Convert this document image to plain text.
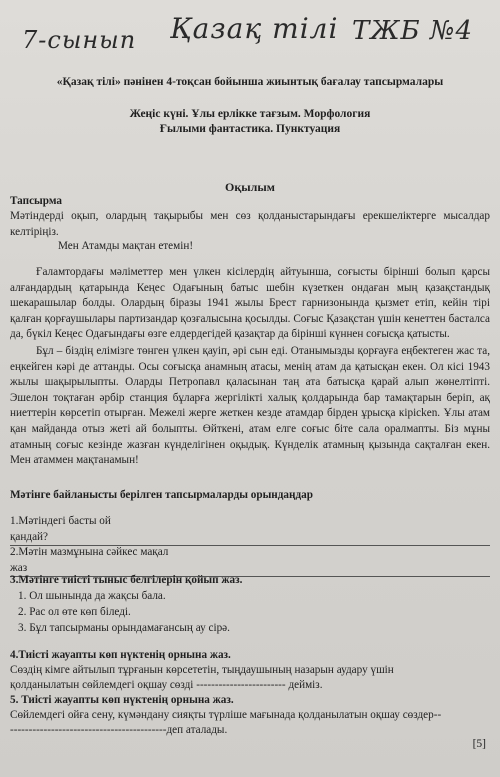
7-сынып Қазақ тілі ТЖБ №4
«Қазақ тілі» пәнінен 4-тоқсан бойынша жиынтық бағалау тапсырмалары
Жеңіс күні. Ұлы ерлікке тағзым. Морфология
Ғылыми фантастика. Пунктуация
Оқылым
Тапсырма
Мәтіндерді оқып, олардың тақырыбы мен сөз қолданыстарындағы ерекшеліктерге мысалдар келтіріңіз.
Мен Атамды мақтан етемін!

Ғаламтордағы мәліметтер мен үлкен кісілердің айтуынша, соғысты бірінші болып қарсы алғандардың қатарында Кеңес Одағының батыс шебін күзеткен ондаған мың қазақстандық шекарашылар болды. Олардың біразы 1941 жылы Брест гарнизонында қызмет етіп, кейін тірі қалған қорғаушылары партизандар қозғалысына қосылды. Соғыс Қазақстан үшін кенеттен басталса да, бүкіл Кеңес Одағындағы өзге елдердегідей қазақтар да бірінші күннен соғысқа қатысты.

Бұл – біздің елімізге төнген үлкен қауіп, әрі сын еді. Отанымызды қорғауға еңбектеген жас та, еңкейген кәрі де аттанды. Осы соғысқа анамның атасы, менің атам да қатысқан екен. Ол кісі 1943 жылы шақырылыпты. Оларды Петропавл қаласынан таң ата батысқа қарай алып жөнелтіпті. Эшелон тоқтаған әрбір станция бұларға жергілікті халық қолдарында бар тамақтарын беріп, ақ ниеттерін көрсетіп отырған. Межелі жерге жеткен кезде атамдар бірден ұрысқа кірісken. Ұлы атам қан майданда отыз жеті ай болыпты. Өйткені, атам елге соғыс біте сала оралмапты. Біз мұны атамның соғыс кезінде жазған күнделігінен оқыдық. Күнделік атамның қызында сақталған екен. Мен атаммен мақтанамын!

Мәтінге байланысты берілген тапсырмаларды орындаңдар
1.Мәтіндегі басты ой
қандай?
2.Мәтін мазмұнына сәйкес мақал
жаз
3.Мәтінге тиісті тыныс белгілерін қойып жаз.
1. Ол шынында да жақсы бала.
2. Рас ол өте көп біледі.
3. Бұл тапсырманы орындамағансың ау сірә.
4.Тиісті жауапты көп нүктенің орнына жаз.
Сөздің кімге айтылып тұрғанын көрсететін, тыңдаушының назарын аудару үшін
қолданылатын сөйлемдегі оқшау сөзді ------------------------ дейміз.
5. Тиісті жауапты көп нүктенің орнына жаз.
Сөйлемдегі ойға сену, күмәндану сияқты түрліше мағынада қолданылатын оқшау сөздер--
------------------------------------------деп аталады.
[5]
